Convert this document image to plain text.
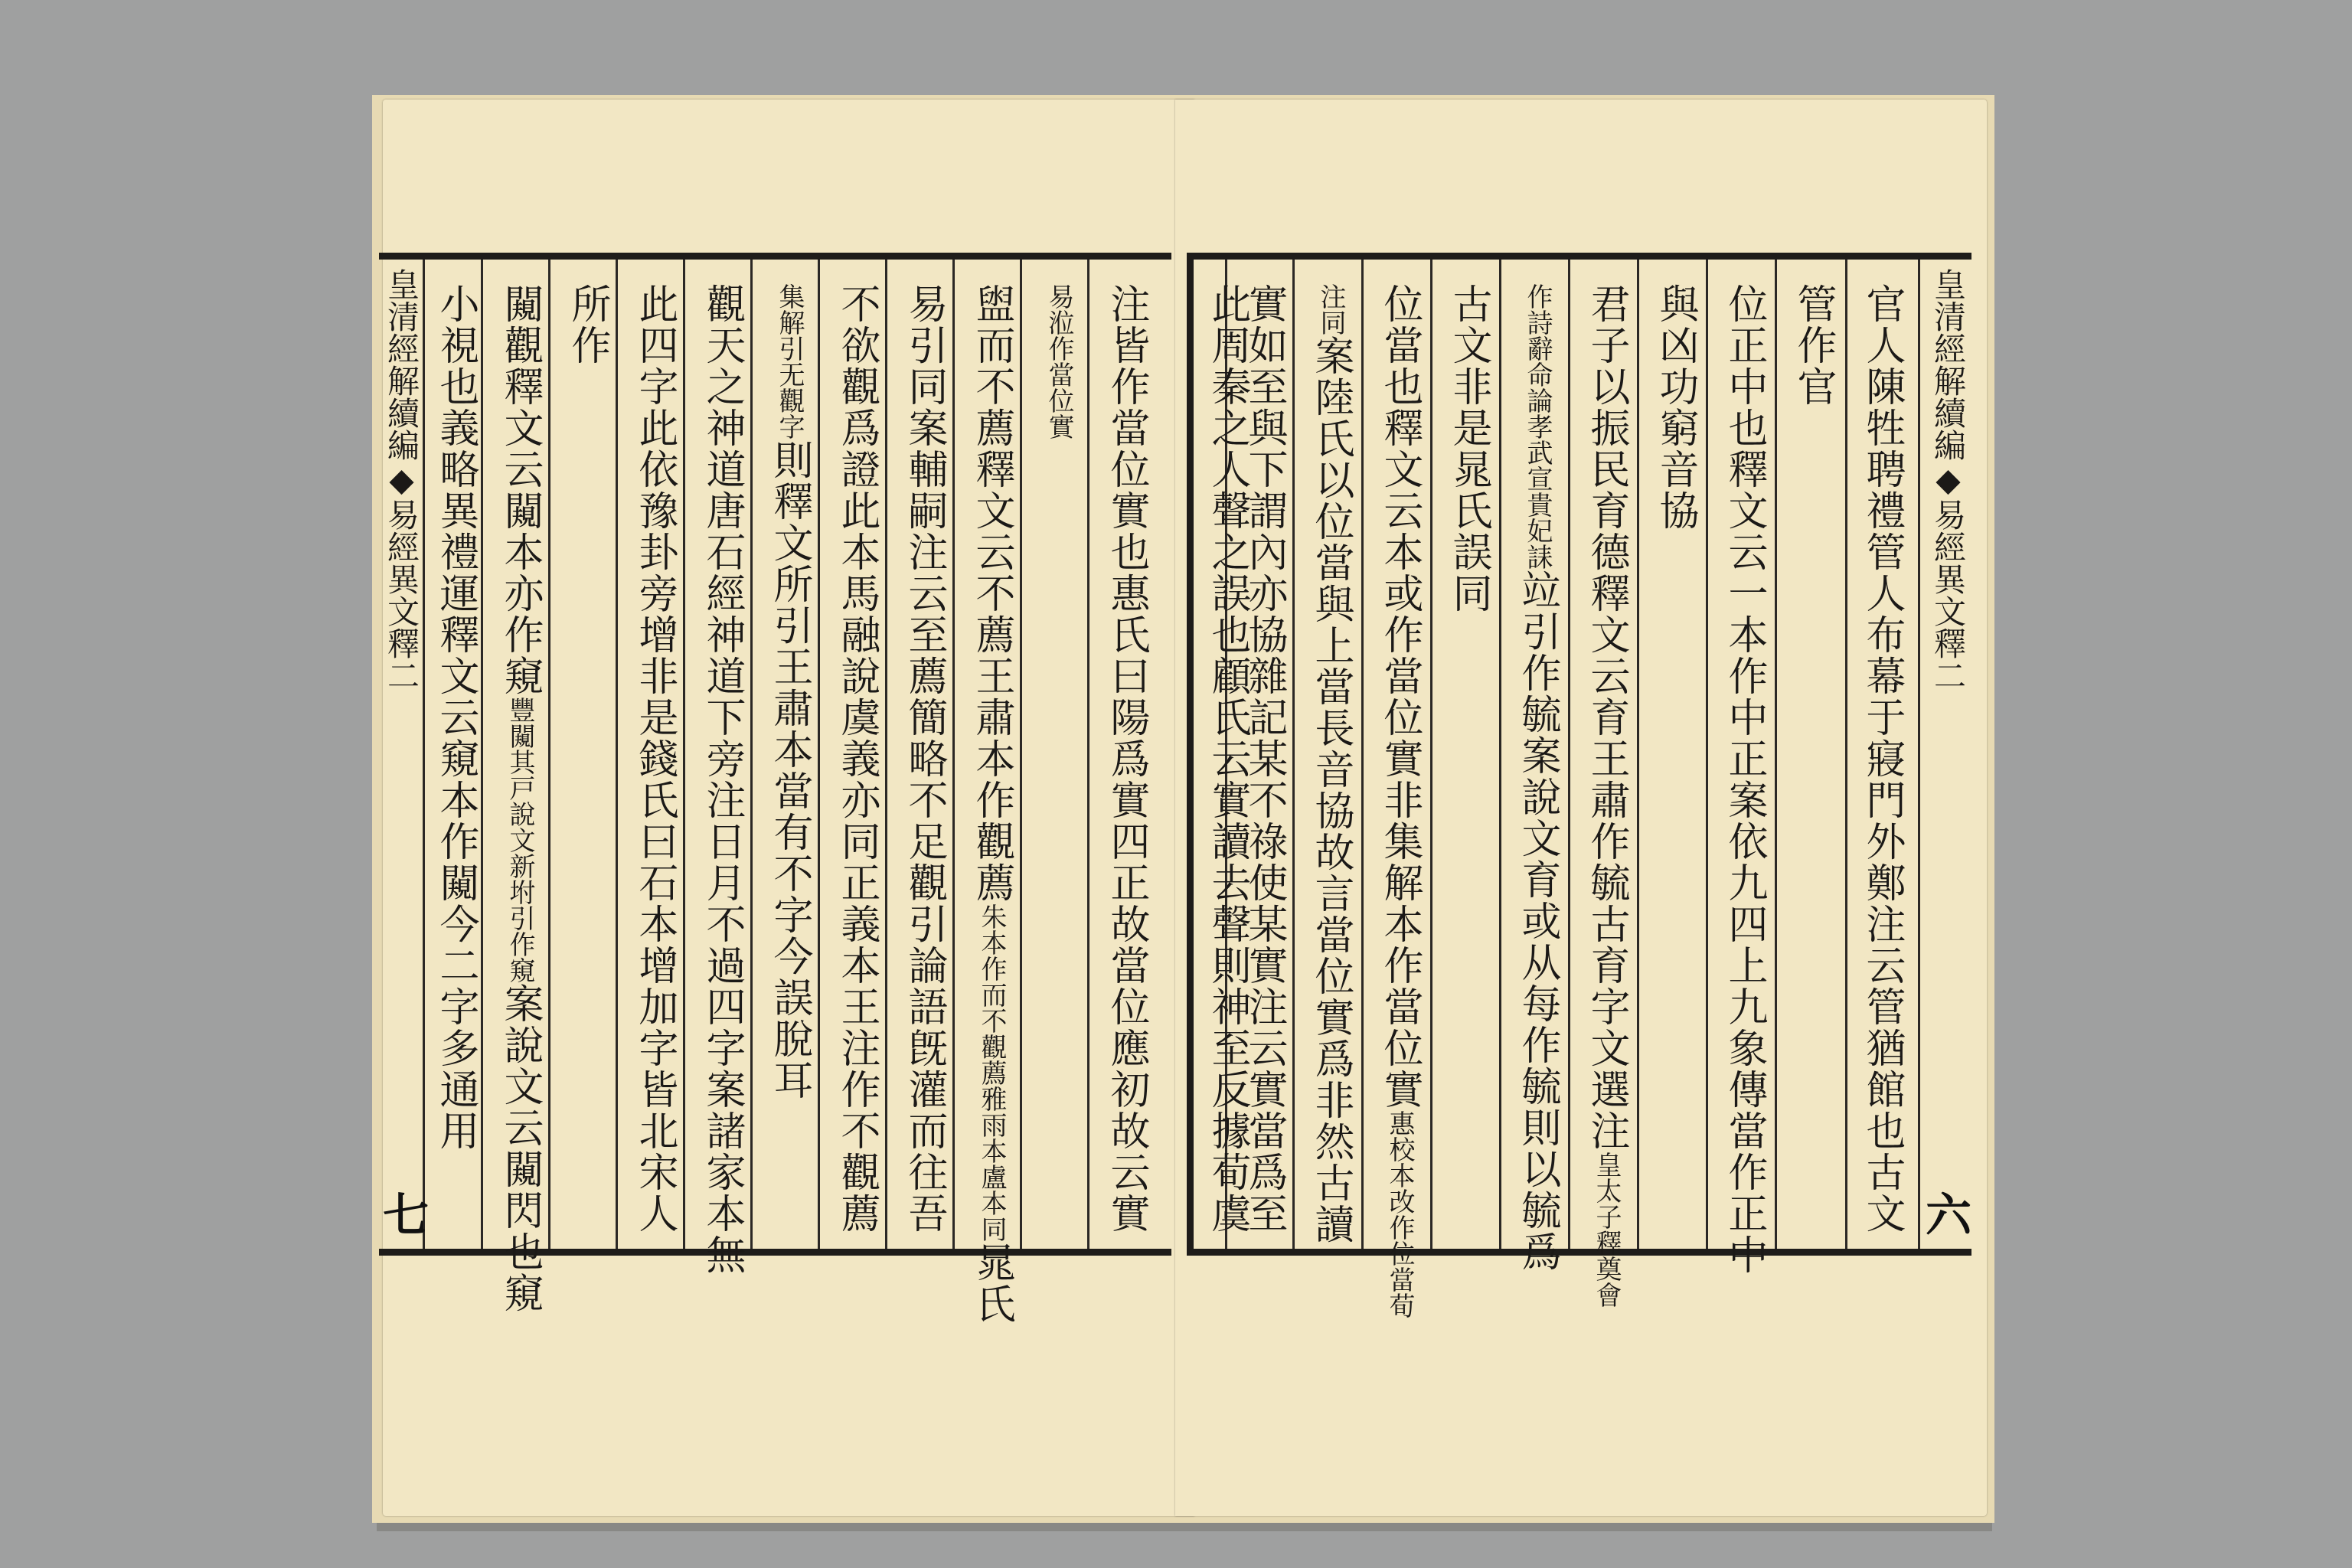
皇清經解續編◆易經異文釋二	注皆作當位實也惠氏曰陽爲實四正故當位應初故云實
易涖作當位實
盥而不薦釋文云不薦王肅本作觀薦朱本作而不觀薦雅雨本盧本同晁氏
易引同案輔嗣注云至薦簡略不足觀引論語旣灌而往吾
不欲觀爲證此本馬融說虞義亦同正義本王注作不觀薦
集解引无觀字則釋文所引王肅本當有不字今誤脫耳
觀天之神道唐石經神道下旁注日月不過四字案諸家本無
此四字此依豫卦旁增非是錢氏曰石本增加字皆北宋人
所作
闚觀釋文云闚本亦作窺豐闚其戸說文新坿引作窺案說文云闚閃也窺
小視也義略異禮運釋文云窺本作闚今二字多通用
七
皇清經解續編◆易經異文釋二
官人陳牲聘禮管人布幕于寢門外鄭注云管猶館也古文
管作官
位正中也釋文云一本作中正案依九四上九象傳當作正中
與凶功窮音協
君子以振民育德釋文云育王肅作毓古育字文選注皇太子釋奠會
作詩辭命論孝武宣貴妃誄竝引作毓案說文育或从每作毓則以毓爲
古文非是晁氏誤同
位當也釋文云本或作當位實非集解本作當位實惠校本改作位當荀
注同案陸氏以位當與上當長音協故言當位實爲非然古讀
實如至與下謂內亦協雜記某不祿使某實注云實當爲至
此周秦之人聲之誤也顧氏云實讀去聲則神至反據荀虞	六
